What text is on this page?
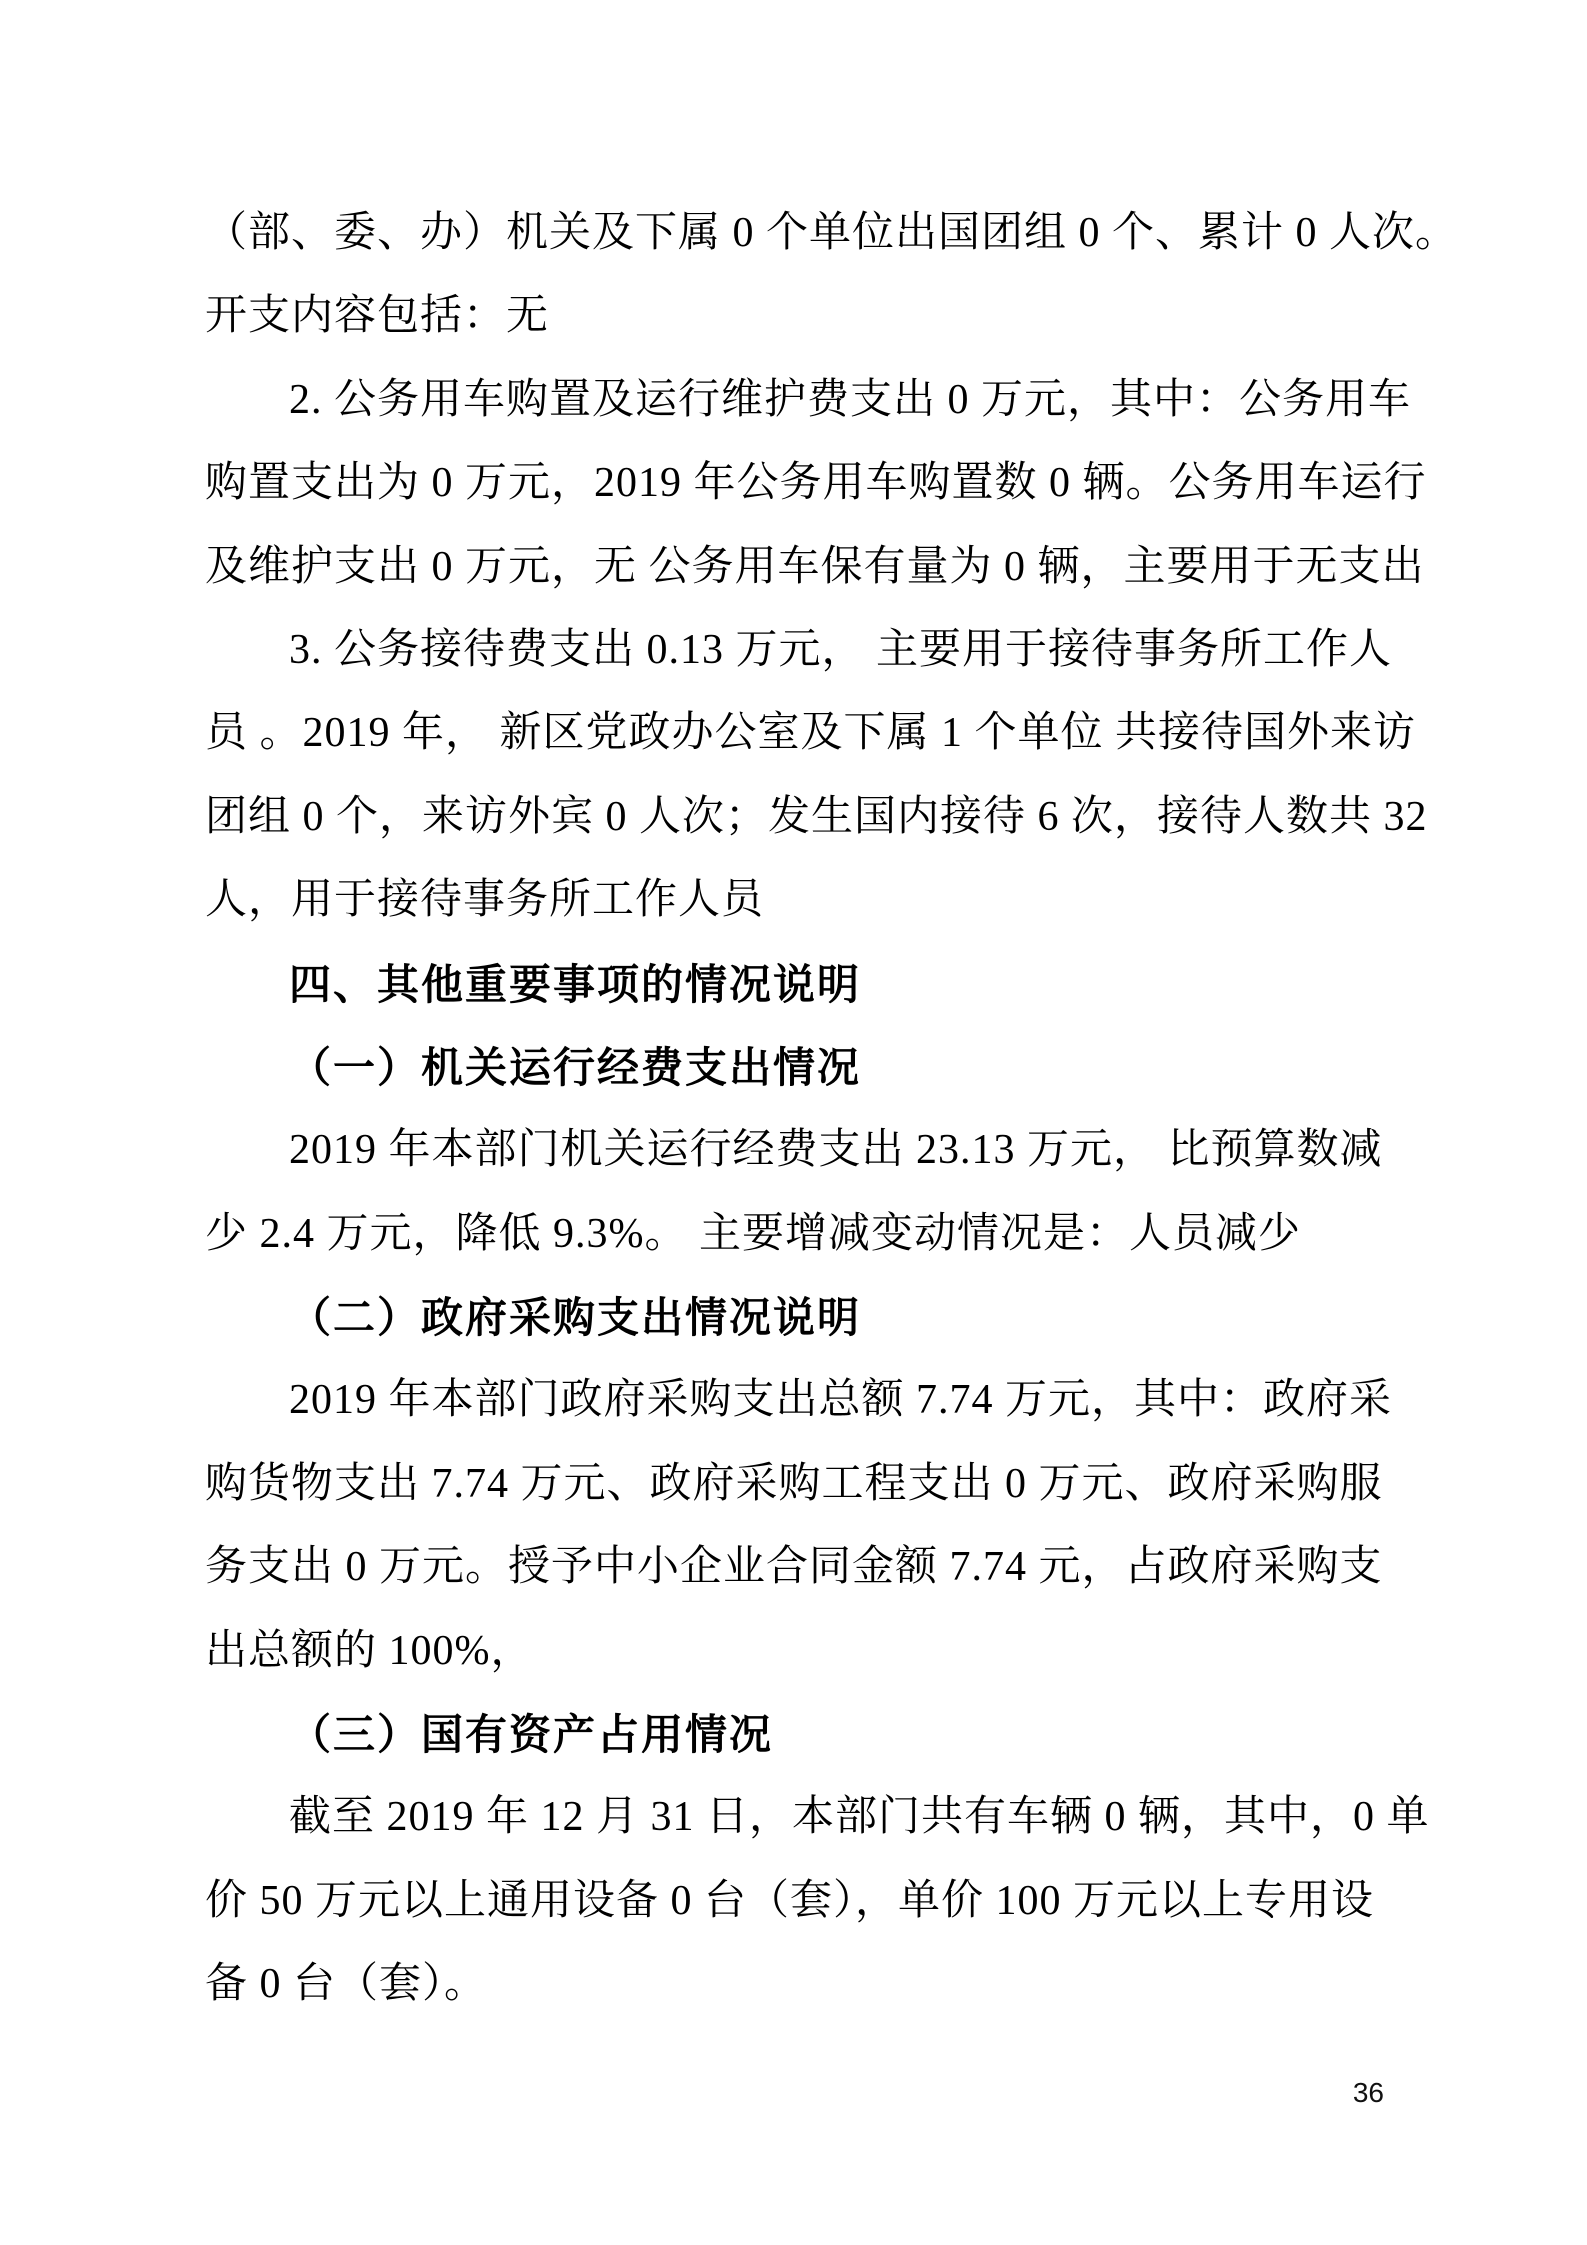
（部、委、办）机关及下属 0 个单位出国团组 0 个、累计 0 人次。
开支内容包括：无
2. 公务用车购置及运行维护费支出 0 万元，其中：公务用车
购置支出为 0 万元，2019 年公务用车购置数 0 辆。公务用车运行
及维护支出 0 万元，无 公务用车保有量为 0 辆，主要用于无支出
3. 公务接待费支出 0.13 万元， 主要用于接待事务所工作人
员 。2019 年， 新区党政办公室及下属 1 个单位 共接待国外来访
团组 0 个，来访外宾 0 人次；发生国内接待 6 次，接待人数共 32
人，用于接待事务所工作人员
四、其他重要事项的情况说明
（一）机关运行经费支出情况
2019 年本部门机关运行经费支出 23.13 万元， 比预算数减
少 2.4 万元，降低 9.3%。 主要增减变动情况是：人员减少
（二）政府采购支出情况说明
2019 年本部门政府采购支出总额 7.74 万元，其中：政府采
购货物支出 7.74 万元、政府采购工程支出 0 万元、政府采购服
务支出 0 万元。授予中小企业合同金额 7.74 元，占政府采购支
出总额的 100%，
（三）国有资产占用情况
截至 2019 年 12 月 31 日，本部门共有车辆 0 辆，其中，0 单
价 50 万元以上通用设备 0 台（套），单价 100 万元以上专用设
备 0 台（套）。
36
